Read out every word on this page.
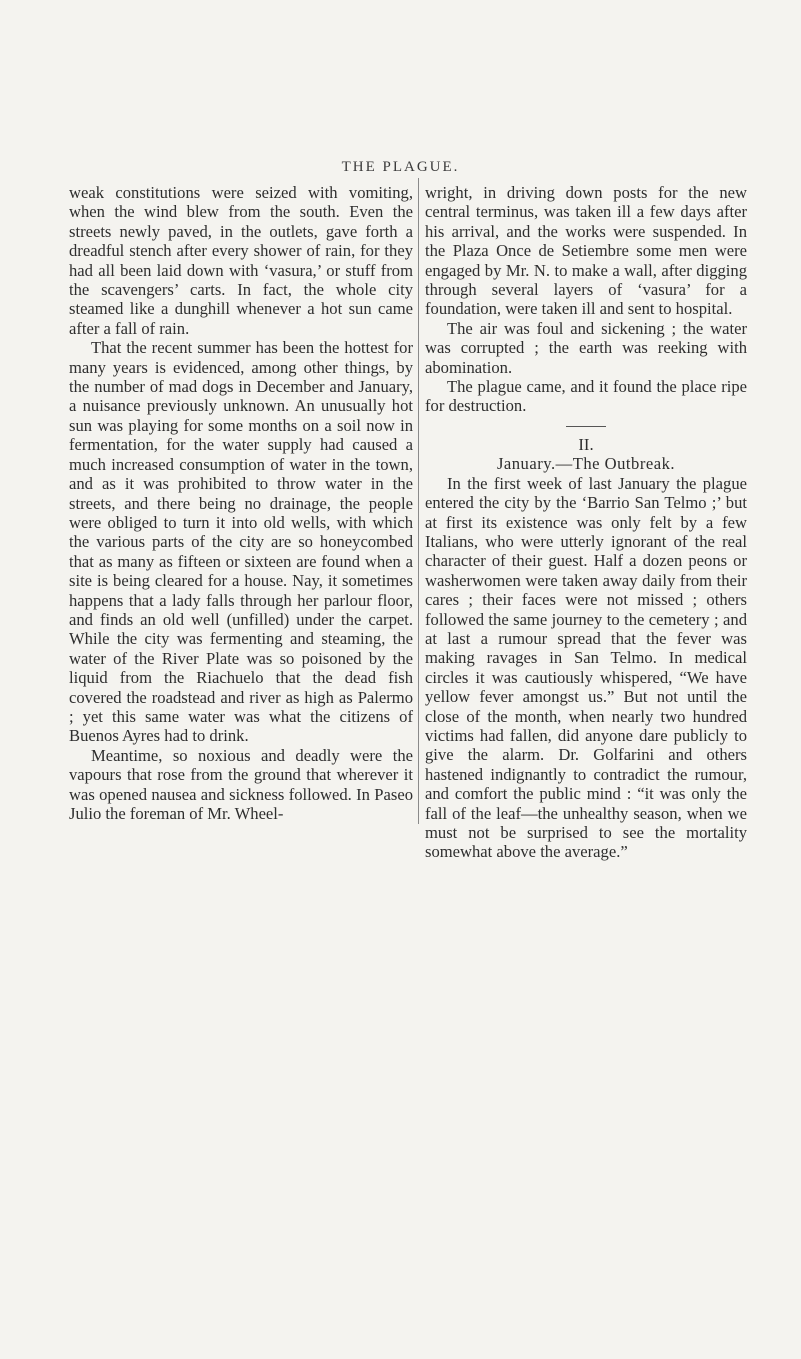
THE PLAGUE.

weak constitutions were seized with vomiting, when the wind blew from the south. Even the streets newly paved, in the outlets, gave forth a dreadful stench after every shower of rain, for they had all been laid down with ‘vasura,’ or stuff from the scavengers’ carts. In fact, the whole city steamed like a dunghill whenever a hot sun came after a fall of rain.

That the recent summer has been the hottest for many years is evidenced, among other things, by the number of mad dogs in December and January, a nuisance previously unknown. An unusually hot sun was playing for some months on a soil now in fermentation, for the water supply had caused a much increased consumption of water in the town, and as it was prohibited to throw water in the streets, and there being no drainage, the people were obliged to turn it into old wells, with which the various parts of the city are so honeycombed that as many as fifteen or sixteen are found when a site is being cleared for a house. Nay, it sometimes happens that a lady falls through her parlour floor, and finds an old well (unfilled) under the carpet. While the city was fermenting and steaming, the water of the River Plate was so poisoned by the liquid from the Riachuelo that the dead fish covered the roadstead and river as high as Palermo ; yet this same water was what the citizens of Buenos Ayres had to drink.

Meantime, so noxious and deadly were the vapours that rose from the ground that wherever it was opened nausea and sickness followed. In Paseo Julio the foreman of Mr. Wheel-

wright, in driving down posts for the new central terminus, was taken ill a few days after his arrival, and the works were suspended. In the Plaza Once de Setiembre some men were engaged by Mr. N. to make a wall, after digging through several layers of ‘vasura’ for a foundation, were taken ill and sent to hospital.

The air was foul and sickening ; the water was corrupted ; the earth was reeking with abomination.

The plague came, and it found the place ripe for destruction.

II.

January.—The Outbreak.

In the first week of last January the plague entered the city by the ‘Barrio San Telmo ;’ but at first its existence was only felt by a few Italians, who were utterly ignorant of the real character of their guest. Half a dozen peons or washerwomen were taken away daily from their cares ; their faces were not missed ; others followed the same journey to the cemetery ; and at last a rumour spread that the fever was making ravages in San Telmo. In medical circles it was cautiously whispered, “We have yellow fever amongst us.” But not until the close of the month, when nearly two hundred victims had fallen, did anyone dare publicly to give the alarm. Dr. Golfarini and others hastened indignantly to contradict the rumour, and comfort the public mind : “it was only the fall of the leaf—the unhealthy season, when we must not be surprised to see the mortality somewhat above the average.”
